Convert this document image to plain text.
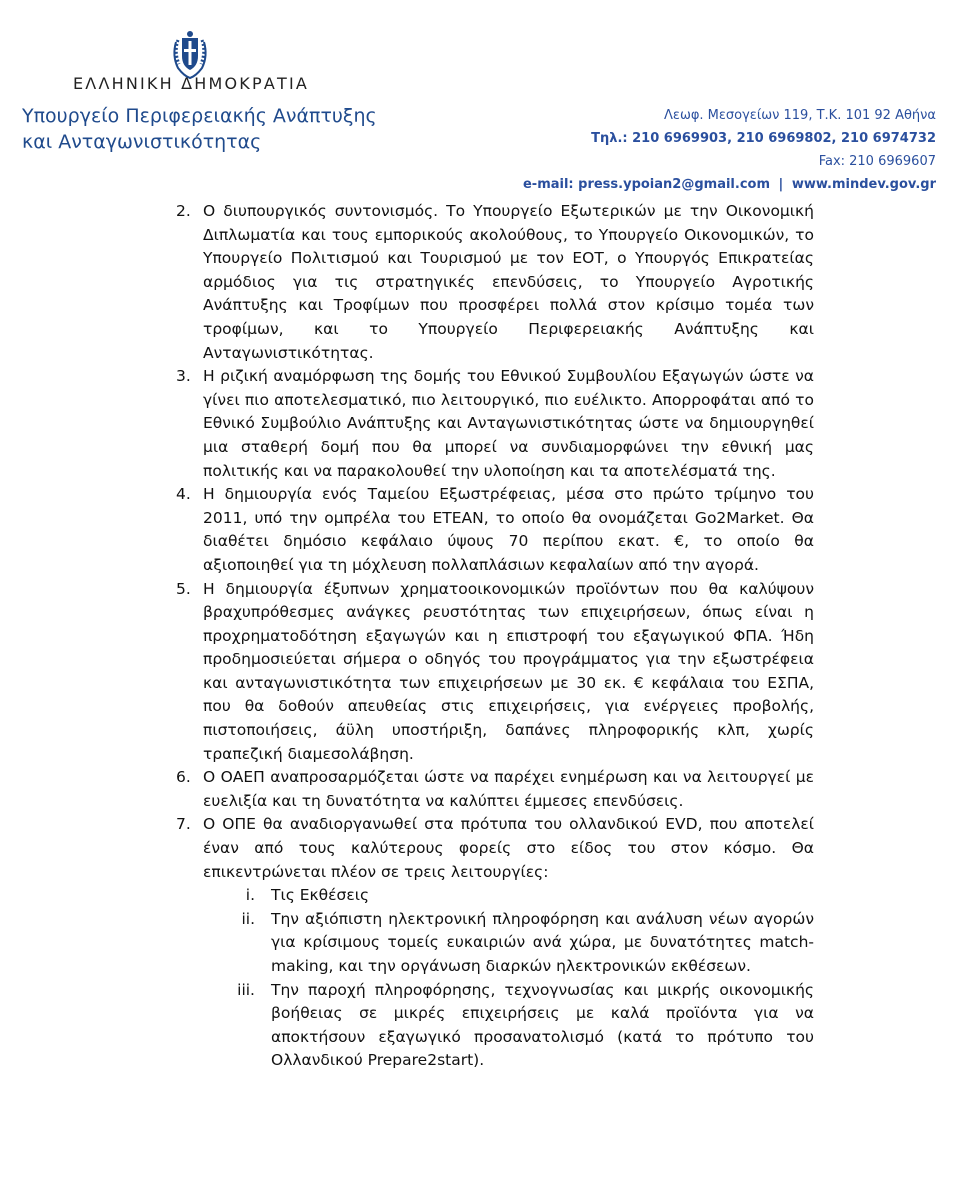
ΕΛΛΗΝΙΚΗ ΔΗΜΟΚΡΑΤΙΑ
Υπουργείο Περιφερειακής Ανάπτυξης
και Ανταγωνιστικότητας
Λεωφ. Μεσογείων 119, Τ.Κ. 101 92 Αθήνα
Τηλ.: 210 6969903, 210 6969802, 210 6974732
Fax: 210 6969607
e-mail: press.ypoian2@gmail.com | www.mindev.gov.gr
2. Ο διυπουργικός συντονισμός. Το Υπουργείο Εξωτερικών με την Οικονομική Διπλωματία και τους εμπορικούς ακολούθους, το Υπουργείο Οικονομικών, το Υπουργείο Πολιτισμού και Τουρισμού με τον ΕΟΤ, ο Υπουργός Επικρατείας αρμόδιος για τις στρατηγικές επενδύσεις, το Υπουργείο Αγροτικής Ανάπτυξης και Τροφίμων που προσφέρει πολλά στον κρίσιμο τομέα των τροφίμων, και το Υπουργείο Περιφερειακής Ανάπτυξης και Ανταγωνιστικότητας.
3. Η ριζική αναμόρφωση της δομής του Εθνικού Συμβουλίου Εξαγωγών ώστε να γίνει πιο αποτελεσματικό, πιο λειτουργικό, πιο ευέλικτο. Απορροφάται από το Εθνικό Συμβούλιο Ανάπτυξης και Ανταγωνιστικότητας ώστε να δημιουργηθεί μια σταθερή δομή που θα μπορεί να συνδιαμορφώνει την εθνική μας πολιτικής και να παρακολουθεί την υλοποίηση και τα αποτελέσματά της.
4. Η δημιουργία ενός Ταμείου Εξωστρέφειας, μέσα στο πρώτο τρίμηνο του 2011, υπό την ομπρέλα του ΕΤΕΑΝ, το οποίο θα ονομάζεται Go2Market. Θα διαθέτει δημόσιο κεφάλαιο ύψους 70 περίπου εκατ. €, το οποίο θα αξιοποιηθεί για τη μόχλευση πολλαπλάσιων κεφαλαίων από την αγορά.
5. Η δημιουργία έξυπνων χρηματοοικονομικών προϊόντων που θα καλύψουν βραχυπρόθεσμες ανάγκες ρευστότητας των επιχειρήσεων, όπως είναι η προχρηματοδότηση εξαγωγών και η επιστροφή του εξαγωγικού ΦΠΑ. Ήδη προδημοσιεύεται σήμερα ο οδηγός του προγράμματος για την εξωστρέφεια και ανταγωνιστικότητα των επιχειρήσεων με 30 εκ. € κεφάλαια του ΕΣΠΑ, που θα δοθούν απευθείας στις επιχειρήσεις, για ενέργειες προβολής, πιστοποιήσεις, άϋλη υποστήριξη, δαπάνες πληροφορικής κλπ, χωρίς τραπεζική διαμεσολάβηση.
6. Ο ΟΑΕΠ αναπροσαρμόζεται ώστε να παρέχει ενημέρωση και να λειτουργεί με ευελιξία και τη δυνατότητα να καλύπτει έμμεσες επενδύσεις.
7. Ο ΟΠΕ θα αναδιοργανωθεί στα πρότυπα του ολλανδικού EVD, που αποτελεί έναν από τους καλύτερους φορείς στο είδος του στον κόσμο. Θα επικεντρώνεται πλέον σε τρεις λειτουργίες:
i. Τις Εκθέσεις
ii. Την αξιόπιστη ηλεκτρονική πληροφόρηση και ανάλυση νέων αγορών για κρίσιμους τομείς ευκαιριών ανά χώρα, με δυνατότητες match-making, και την οργάνωση διαρκών ηλεκτρονικών εκθέσεων.
iii. Την παροχή πληροφόρησης, τεχνογνωσίας και μικρής οικονομικής βοήθειας σε μικρές επιχειρήσεις με καλά προϊόντα για να αποκτήσουν εξαγωγικό προσανατολισμό (κατά το πρότυπο του Ολλανδικού Prepare2start).
